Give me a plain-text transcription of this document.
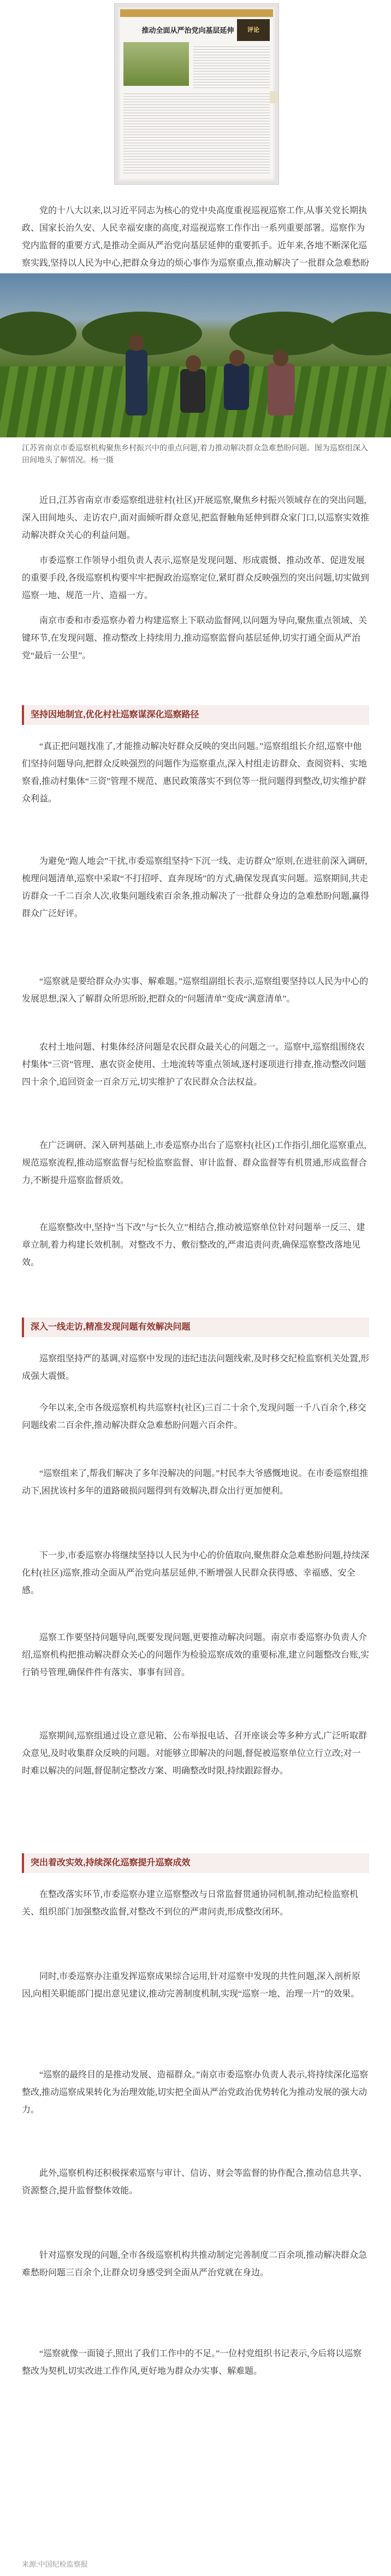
推动全面从严治党向基层延伸	评论

党的十八大以来,以习近平同志为核心的党中央高度重视巡视巡察工作,从事关党长期执政、国家长治久安、人民幸福安康的高度,对巡视巡察工作作出一系列重要部署。巡察作为党内监督的重要方式,是推动全面从严治党向基层延伸的重要抓手。近年来,各地不断深化巡察实践,坚持以人民为中心,把群众身边的烦心事作为巡察重点,推动解决了一批群众急难愁盼

江苏省南京市委巡察机构聚焦乡村振兴中的重点问题,着力推动解决群众急难愁盼问题。图为巡察组深入田间地头了解情况。杨一摄

近日,江苏省南京市委巡察组进驻村(社区)开展巡察,聚焦乡村振兴领域存在的突出问题,深入田间地头、走访农户,面对面倾听群众意见,把监督触角延伸到群众家门口,以巡察实效推动解决群众关心的利益问题。

市委巡察工作领导小组负责人表示,巡察是发现问题、形成震慑、推动改革、促进发展的重要手段,各级巡察机构要牢牢把握政治巡察定位,紧盯群众反映强烈的突出问题,切实做到巡察一地、规范一片、造福一方。

南京市委和市委巡察办着力构建巡察上下联动监督网,以问题为导向,聚焦重点领域、关键环节,在发现问题、推动整改上持续用力,推动巡察监督向基层延伸,切实打通全面从严治党“最后一公里”。

坚持因地制宜,优化村社巡察谋深化巡察路径

“真正把问题找准了,才能推动解决好群众反映的突出问题。”巡察组组长介绍,巡察中他们坚持问题导向,把群众反映强烈的问题作为巡察重点,深入村组走访群众、查阅资料、实地察看,推动村集体“三资”管理不规范、惠民政策落实不到位等一批问题得到整改,切实维护群众利益。

为避免“跑人地会”干扰,市委巡察组坚持“下沉一线、走访群众”原则,在进驻前深入调研,梳理问题清单,巡察中采取“不打招呼、直奔现场”的方式,确保发现真实问题。巡察期间,共走访群众一千二百余人次,收集问题线索百余条,推动解决了一批群众身边的急难愁盼问题,赢得群众广泛好评。

“巡察就是要给群众办实事、解难题。”巡察组副组长表示,巡察组要坚持以人民为中心的发展思想,深入了解群众所思所盼,把群众的“问题清单”变成“满意清单”。

农村土地问题、村集体经济问题是农民群众最关心的问题之一。巡察中,巡察组围绕农村集体“三资”管理、惠农资金使用、土地流转等重点领域,逐村逐项进行排查,推动整改问题四十余个,追回资金一百余万元,切实维护了农民群众合法权益。

在广泛调研、深入研判基础上,市委巡察办出台了巡察村(社区)工作指引,细化巡察重点,规范巡察流程,推动巡察监督与纪检监察监督、审计监督、群众监督等有机贯通,形成监督合力,不断提升巡察监督质效。

在巡察整改中,坚持“当下改”与“长久立”相结合,推动被巡察单位针对问题举一反三、建章立制,着力构建长效机制。对整改不力、敷衍整改的,严肃追责问责,确保巡察整改落地见效。

深入一线走访,精准发现问题有效解决问题

巡察组坚持严的基调,对巡察中发现的违纪违法问题线索,及时移交纪检监察机关处置,形成强大震慑。

今年以来,全市各级巡察机构共巡察村(社区)三百二十余个,发现问题一千八百余个,移交问题线索二百余件,推动解决群众急难愁盼问题六百余件。

“巡察组来了,帮我们解决了多年没解决的问题。”村民李大爷感慨地说。在市委巡察组推动下,困扰该村多年的道路破损问题得到有效解决,群众出行更加便利。

下一步,市委巡察办将继续坚持以人民为中心的价值取向,聚焦群众急难愁盼问题,持续深化村(社区)巡察,推动全面从严治党向基层延伸,不断增强人民群众获得感、幸福感、安全感。

巡察工作要坚持问题导向,既要发现问题,更要推动解决问题。南京市委巡察办负责人介绍,巡察机构把推动解决群众关心的问题作为检验巡察成效的重要标准,建立问题整改台账,实行销号管理,确保件件有落实、事事有回音。

巡察期间,巡察组通过设立意见箱、公布举报电话、召开座谈会等多种方式,广泛听取群众意见,及时收集群众反映的问题。对能够立即解决的问题,督促被巡察单位立行立改;对一时难以解决的问题,督促制定整改方案、明确整改时限,持续跟踪督办。

突出着改实效,持续深化巡察提升巡察成效

在整改落实环节,市委巡察办建立巡察整改与日常监督贯通协同机制,推动纪检监察机关、组织部门加强整改监督,对整改不到位的严肃问责,形成整改闭环。

同时,市委巡察办注重发挥巡察成果综合运用,针对巡察中发现的共性问题,深入剖析原因,向相关职能部门提出意见建议,推动完善制度机制,实现“巡察一地、治理一片”的效果。

“巡察的最终目的是推动发展、造福群众。”南京市委巡察办负责人表示,将持续深化巡察整改,推动巡察成果转化为治理效能,切实把全面从严治党政治优势转化为推动发展的强大动力。

此外,巡察机构还积极探索巡察与审计、信访、财会等监督的协作配合,推动信息共享、资源整合,提升监督整体效能。

针对巡察发现的问题,全市各级巡察机构共推动制定完善制度二百余项,推动解决群众急难愁盼问题三百余个,让群众切身感受到全面从严治党就在身边。

“巡察就像一面镜子,照出了我们工作中的不足。”一位村党组织书记表示,今后将以巡察整改为契机,切实改进工作作风,更好地为群众办实事、解难题。

来源:中国纪检监察报
